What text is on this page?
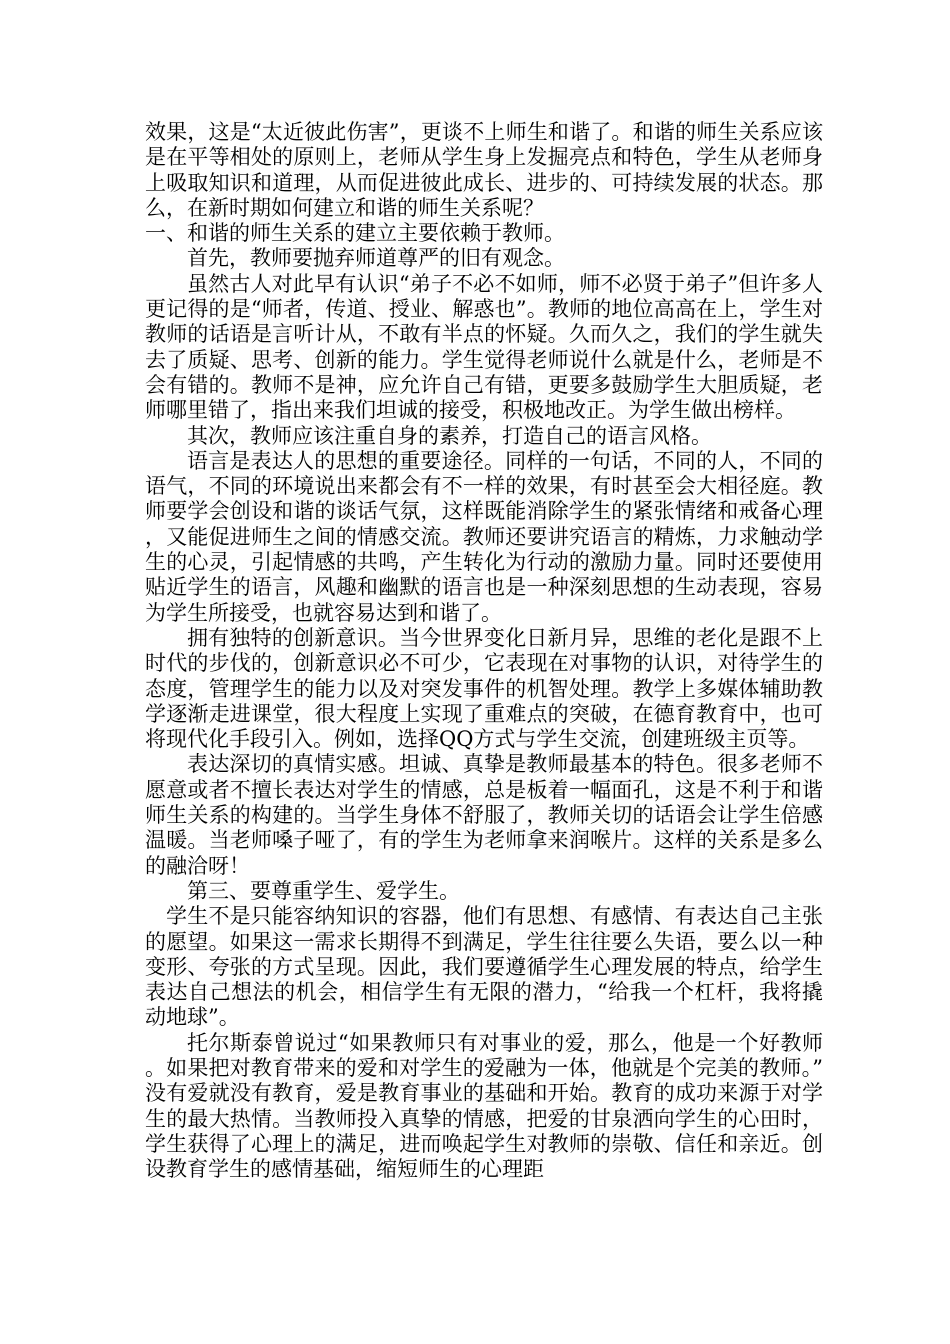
效果，这是“太近彼此伤害”，更谈不上师生和谐了。和谐的师生关系应该是在平等相处的原则上，老师从学生身上发掘亮点和特色，学生从老师身上吸取知识和道理，从而促进彼此成长、进步的、可持续发展的状态。那么，在新时期如何建立和谐的师生关系呢？

一、和谐的师生关系的建立主要依赖于教师。

首先，教师要抛弃师道尊严的旧有观念。

虽然古人对此早有认识“弟子不必不如师，师不必贤于弟子”但许多人更记得的是“师者，传道、授业、解惑也”。教师的地位高高在上，学生对教师的话语是言听计从，不敢有半点的怀疑。久而久之，我们的学生就失去了质疑、思考、创新的能力。学生觉得老师说什么就是什么，老师是不会有错的。教师不是神，应允许自己有错，更要多鼓励学生大胆质疑，老师哪里错了，指出来我们坦诚的接受，积极地改正。为学生做出榜样。

其次，教师应该注重自身的素养，打造自己的语言风格。

语言是表达人的思想的重要途径。同样的一句话，不同的人，不同的语气，不同的环境说出来都会有不一样的效果，有时甚至会大相径庭。教师要学会创设和谐的谈话气氛，这样既能消除学生的紧张情绪和戒备心理，又能促进师生之间的情感交流。教师还要讲究语言的精炼，力求触动学生的心灵，引起情感的共鸣，产生转化为行动的激励力量。同时还要使用贴近学生的语言，风趣和幽默的语言也是一种深刻思想的生动表现，容易为学生所接受，也就容易达到和谐了。

拥有独特的创新意识。当今世界变化日新月异，思维的老化是跟不上时代的步伐的，创新意识必不可少，它表现在对事物的认识，对待学生的态度，管理学生的能力以及对突发事件的机智处理。教学上多媒体辅助教学逐渐走进课堂，很大程度上实现了重难点的突破，在德育教育中，也可将现代化手段引入。例如，选择QQ方式与学生交流，创建班级主页等。

表达深切的真情实感。坦诚、真挚是教师最基本的特色。很多老师不愿意或者不擅长表达对学生的情感，总是板着一幅面孔，这是不利于和谐师生关系的构建的。当学生身体不舒服了，教师关切的话语会让学生倍感温暖。当老师嗓子哑了，有的学生为老师拿来润喉片。这样的关系是多么的融洽呀！

第三、要尊重学生、爱学生。

学生不是只能容纳知识的容器，他们有思想、有感情、有表达自己主张的愿望。如果这一需求长期得不到满足，学生往往要么失语，要么以一种变形、夸张的方式呈现。因此，我们要遵循学生心理发展的特点，给学生表达自己想法的机会，相信学生有无限的潜力，“给我一个杠杆，我将撬动地球”。

托尔斯泰曾说过“如果教师只有对事业的爱，那么，他是一个好教师。如果把对教育带来的爱和对学生的爱融为一体，他就是个完美的教师。”没有爱就没有教育，爱是教育事业的基础和开始。教育的成功来源于对学生的最大热情。当教师投入真挚的情感，把爱的甘泉洒向学生的心田时，学生获得了心理上的满足，进而唤起学生对教师的崇敬、信任和亲近。创设教育学生的感情基础，缩短师生的心理距
